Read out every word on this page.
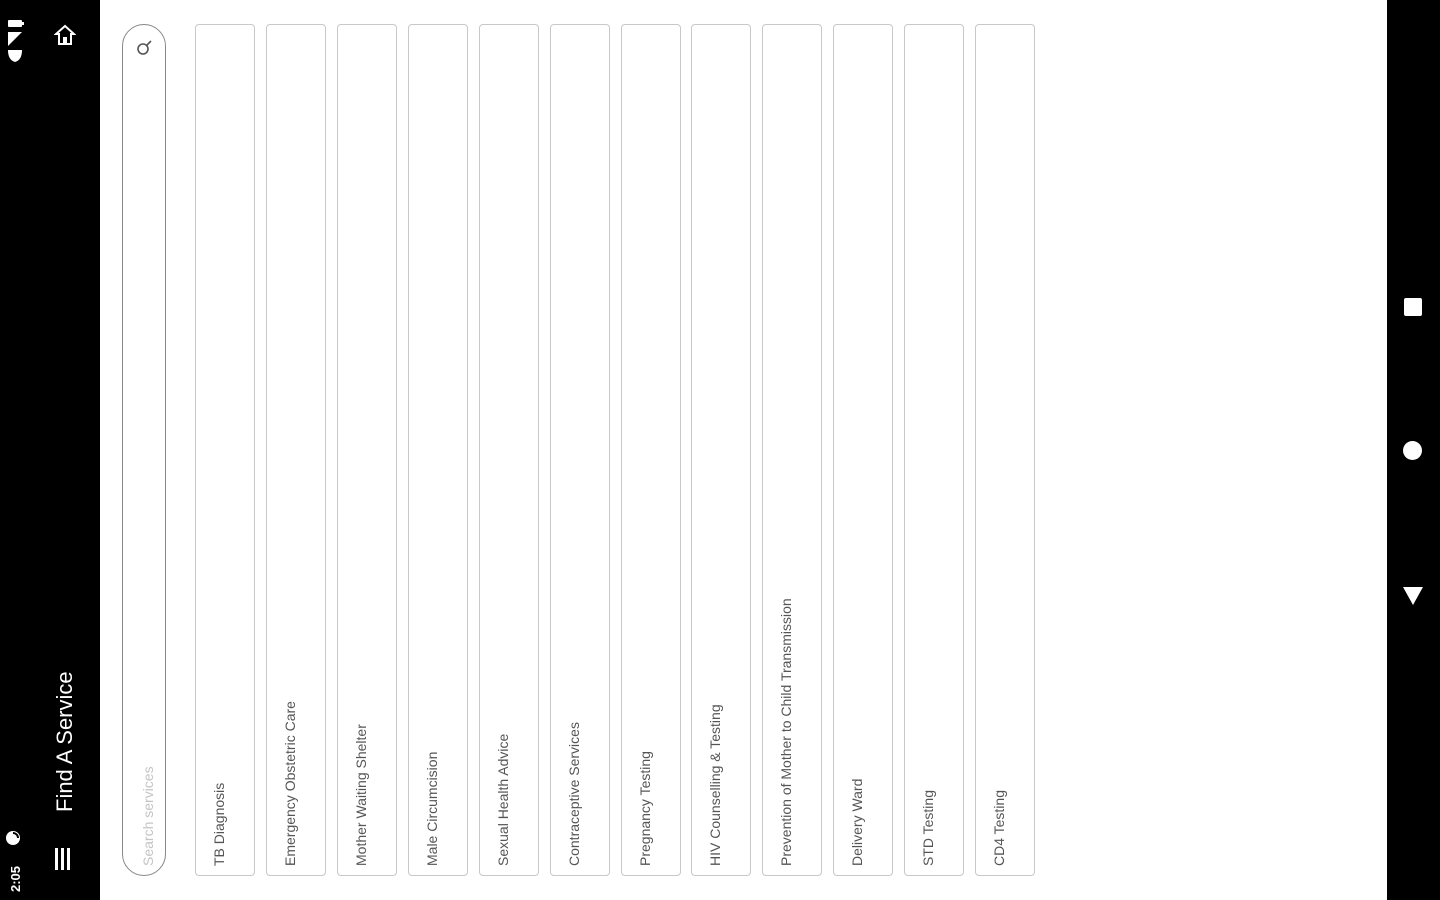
2:05
Find A Service
Search services	TB Diagnosis	Emergency Obstetric Care	Mother Waiting Shelter	Male Circumcision	Sexual Health Advice	Contraceptive Services	Pregnancy Testing	HIV Counselling & Testing	Prevention of Mother to Child Transmission	Delivery Ward	STD Testing	CD4 Testing
